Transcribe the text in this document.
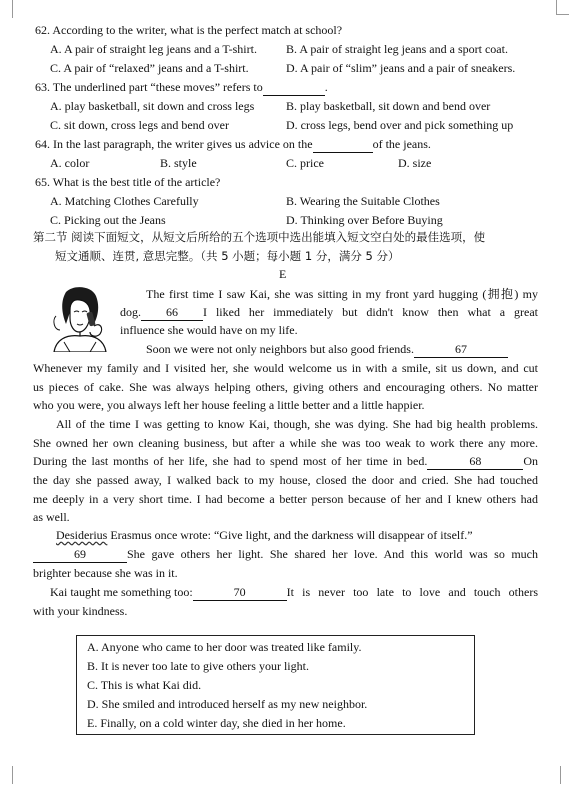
62. According to the writer, what is the perfect match at school?
A. A pair of straight leg jeans and a T-shirt. B. A pair of straight leg jeans and a sport coat.
C. A pair of “relaxed” jeans and a T-shirt.	D. A pair of “slim” jeans and a pair of sneakers.
63. The underlined part “these moves” refers to	.
A. play basketball, sit down and cross legs	B. play basketball, sit down and bend over
C. sit down, cross legs and bend over	D. cross legs, bend over and pick something up
64. In the last paragraph, the writer gives us advice on the	of the jeans.
A. color	B. style	C. price	D. size
65. What is the best title of the article?
A. Matching Clothes Carefully	B. Wearing the Suitable Clothes
C. Picking out the Jeans	D. Thinking over Before Buying
第二节 阅读下面短文，从短文后所给的五个选项中选出能填入短文空白处的最佳选项，使
短文通顺、连贯, 意思完整。（共 5 小题；每小题 1 分，满分 5 分）
E
The first time I saw Kai, she was sitting in my front yard hugging (拥抱) my
dog.	66	I liked her immediately but didn't know then what a great
influence she would have on my life.
Soon we were not only neighbors but also good friends.	67
Whenever my family and I visited her, she would welcome us in with a smile, sit us down, and cut
us pieces of cake. She was always helping others, giving others and encouraging others. No matter
who you were, you always left her house feeling a little better and a little happier.
All of the time I was getting to know Kai, though, she was dying. She had big health problems.
She owned her own cleaning business, but after a while she was too weak to work there any more.
During the last months of her life, she had to spend most of her time in bed.	68	On
the day she passed away, I walked back to my house, closed the door and cried. She had touched
me deeply in a very short time. I had become a better person because of her and I knew others had
as well.
Desiderius Erasmus once wrote: “Give light, and the darkness will disappear of itself.”
69	She gave others her light. She shared her love. And this world was so much
brighter because she was in it.
Kai taught me something too:	70	It is never too late to love and touch others
with your kindness.
A. Anyone who came to her door was treated like family.
B. It is never too late to give others your light.
C. This is what Kai did.
D. She smiled and introduced herself as my new neighbor.
E. Finally, on a cold winter day, she died in her home.
